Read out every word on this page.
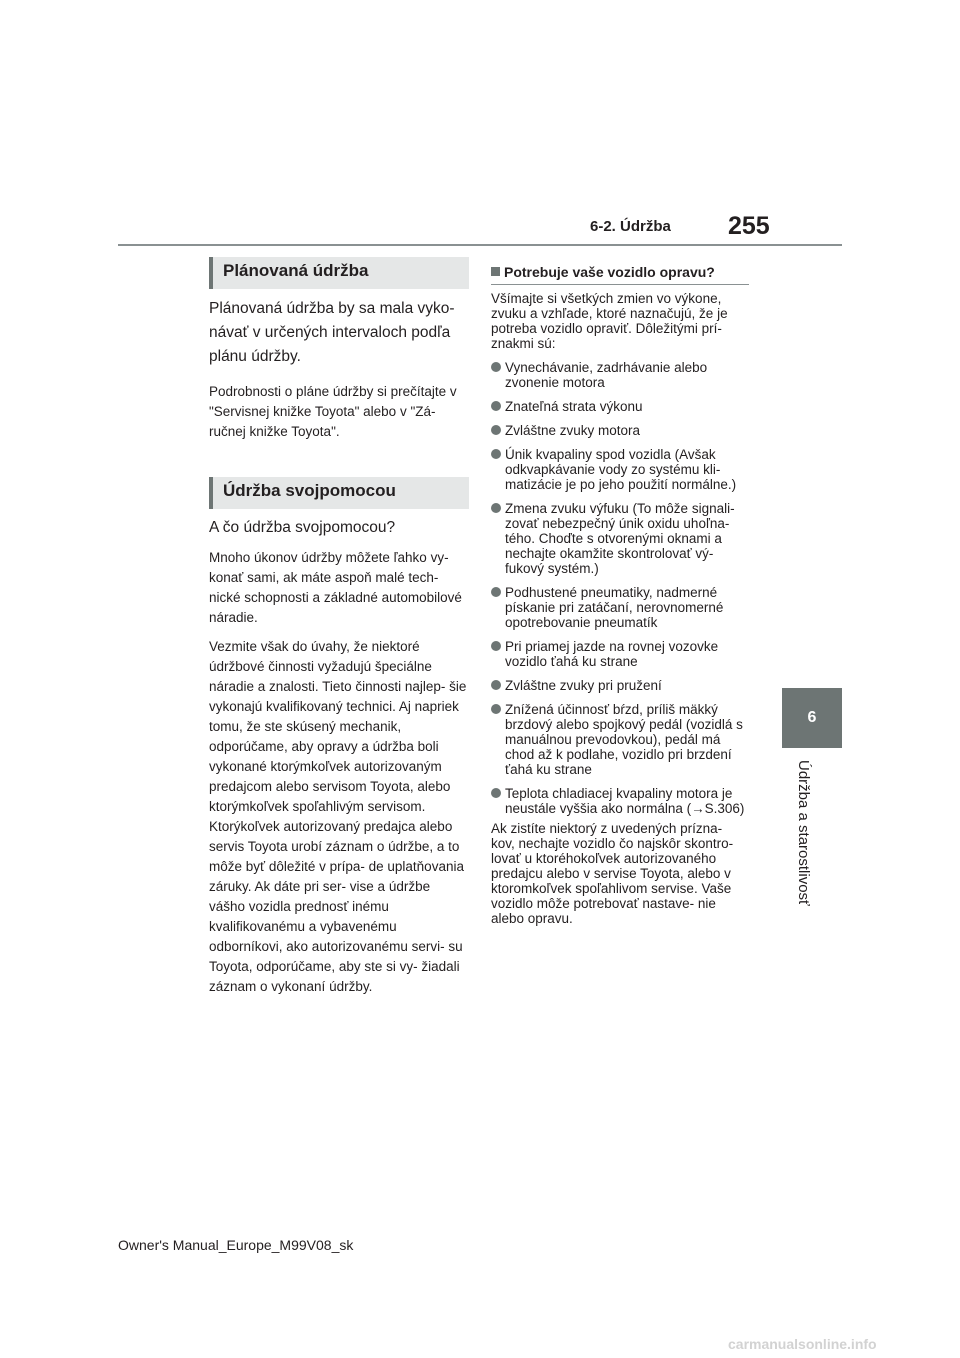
6-2. Údržba 255
6
Údržba a starostlivosť
Plánovaná údržba

Plánovaná údržba by sa mala vyko- návať v určených intervaloch podľa plánu údržby.

Podrobnosti o pláne údržby si prečítajte v "Servisnej knižke Toyota" alebo v "Zá- ručnej knižke Toyota".

Údržba svojpomocou

A čo údržba svojpomocou?

Mnoho úkonov údržby môžete ľahko vy- konať sami, ak máte aspoň malé tech- nické schopnosti a základné automobilové náradie.

Vezmite však do úvahy, že niektoré údržbové činnosti vyžadujú špeciálne náradie a znalosti. Tieto činnosti najlep- šie vykonajú kvalifikovaný technici. Aj napriek tomu, že ste skúsený mechanik, odporúčame, aby opravy a údržba boli vykonané ktorýmkoľvek autorizovaným predajcom alebo servisom Toyota, alebo ktorýmkoľvek spoľahlivým servisom. Ktorýkoľvek autorizovaný predajca alebo servis Toyota urobí záznam o údržbe, a to môže byť dôležité v prípa- de uplatňovania záruky. Ak dáte pri ser- vise a údržbe vášho vozidla prednosť inému kvalifikovanému a vybavenému odborníkovi, ako autorizovanému servi- su Toyota, odporúčame, aby ste si vy- žiadali záznam o vykonaní údržby.

Potrebuje vaše vozidlo opravu?

Všímajte si všetkých zmien vo výkone, zvuku a vzhľade, ktoré naznačujú, že je potreba vozidlo opraviť. Dôležitými prí- znakmi sú:

Vynechávanie, zadrhávanie alebo zvonenie motora
Znateľná strata výkonu
Zvláštne zvuky motora
Únik kvapaliny spod vozidla (Avšak odkvapkávanie vody zo systému kli- matizácie je po jeho použití normálne.)
Zmena zvuku výfuku (To môže signali- zovať nebezpečný únik oxidu uhoľna- tého. Choďte s otvorenými oknami a nechajte okamžite skontrolovať vý- fukový systém.)
Podhustené pneumatiky, nadmerné pískanie pri zatáčaní, nerovnomerné opotrebovanie pneumatík
Pri priamej jazde na rovnej vozovke vozidlo ťahá ku strane
Zvláštne zvuky pri pružení
Znížená účinnosť bŕzd, príliš mäkký brzdový alebo spojkový pedál (vozidlá s manuálnou prevodovkou), pedál má chod až k podlahe, vozidlo pri brzdení ťahá ku strane
Teplota chladiacej kvapaliny motora je neustále vyššia ako normálna (→S.306)

Ak zistíte niektorý z uvedených prízna- kov, nechajte vozidlo čo najskôr skontro- lovať u ktoréhokoľvek autorizovaného predajcu alebo v servise Toyota, alebo v ktoromkoľvek spoľahlivom servise. Vaše vozidlo môže potrebovať nastave- nie alebo opravu.

Owner's Manual_Europe_M99V08_sk
carmanualsonline.info
